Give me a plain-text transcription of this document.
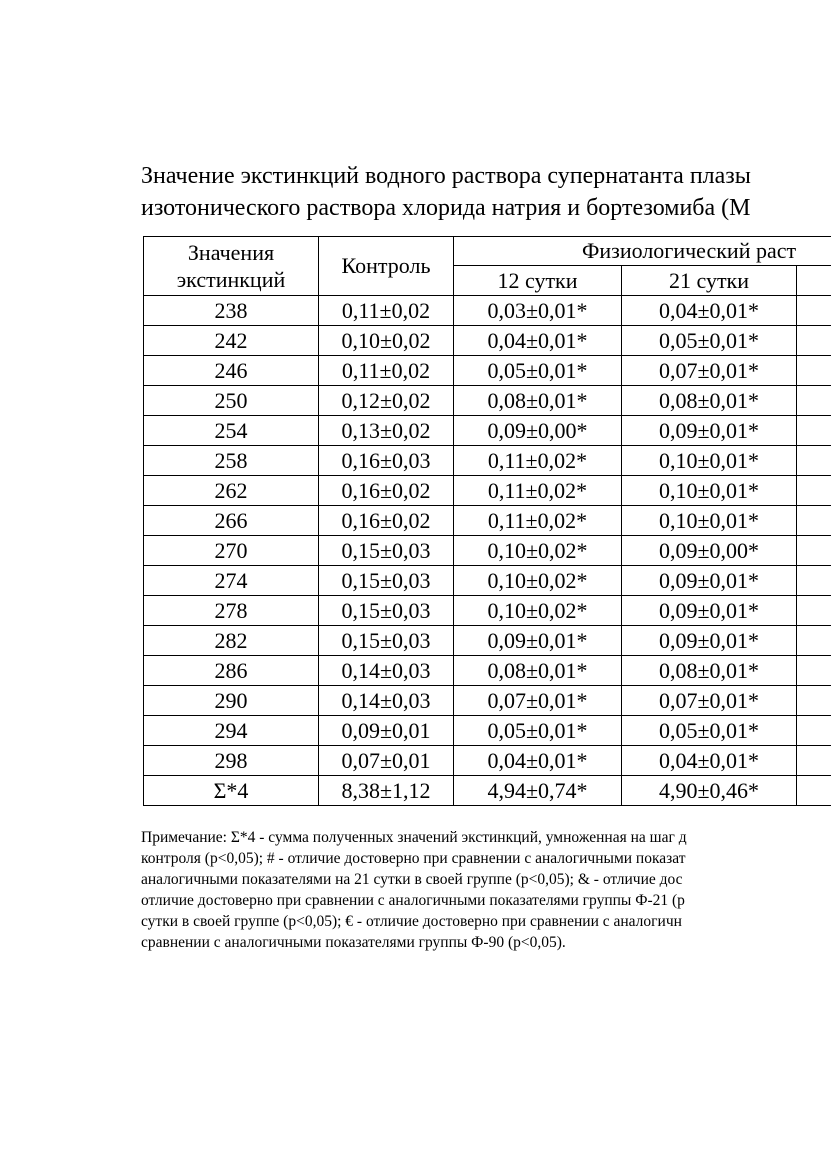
Значение экстинкций водного раствора супернатанта плазы
изотонического раствора хлорида натрия и бортезомиба (М
Значения экстинкций	Контроль	Физиологический раст		
		12 сутки	21 сутки	
238	0,11±0,02	0,03±0,01*	0,04±0,01*	
242	0,10±0,02	0,04±0,01*	0,05±0,01*	
246	0,11±0,02	0,05±0,01*	0,07±0,01*	
250	0,12±0,02	0,08±0,01*	0,08±0,01*	
254	0,13±0,02	0,09±0,00*	0,09±0,01*	
258	0,16±0,03	0,11±0,02*	0,10±0,01*	
262	0,16±0,02	0,11±0,02*	0,10±0,01*	
266	0,16±0,02	0,11±0,02*	0,10±0,01*	
270	0,15±0,03	0,10±0,02*	0,09±0,00*	
274	0,15±0,03	0,10±0,02*	0,09±0,01*	
278	0,15±0,03	0,10±0,02*	0,09±0,01*	
282	0,15±0,03	0,09±0,01*	0,09±0,01*	
286	0,14±0,03	0,08±0,01*	0,08±0,01*	
290	0,14±0,03	0,07±0,01*	0,07±0,01*	
294	0,09±0,01	0,05±0,01*	0,05±0,01*	
298	0,07±0,01	0,04±0,01*	0,04±0,01*	
Σ*4	8,38±1,12	4,94±0,74*	4,90±0,46*	
Примечание: Σ*4 - сумма полученных значений экстинкций, умноженная на шаг д
контроля (p<0,05); # - отличие достоверно при сравнении с аналогичными показат
аналогичными показателями на 21 сутки в своей группе (p<0,05); & - отличие дос
отличие достоверно при сравнении с аналогичными показателями группы Ф-21 (р
сутки в своей группе (p<0,05); € - отличие достоверно при сравнении с аналогичн
сравнении с аналогичными показателями группы Ф-90 (p<0,05).
